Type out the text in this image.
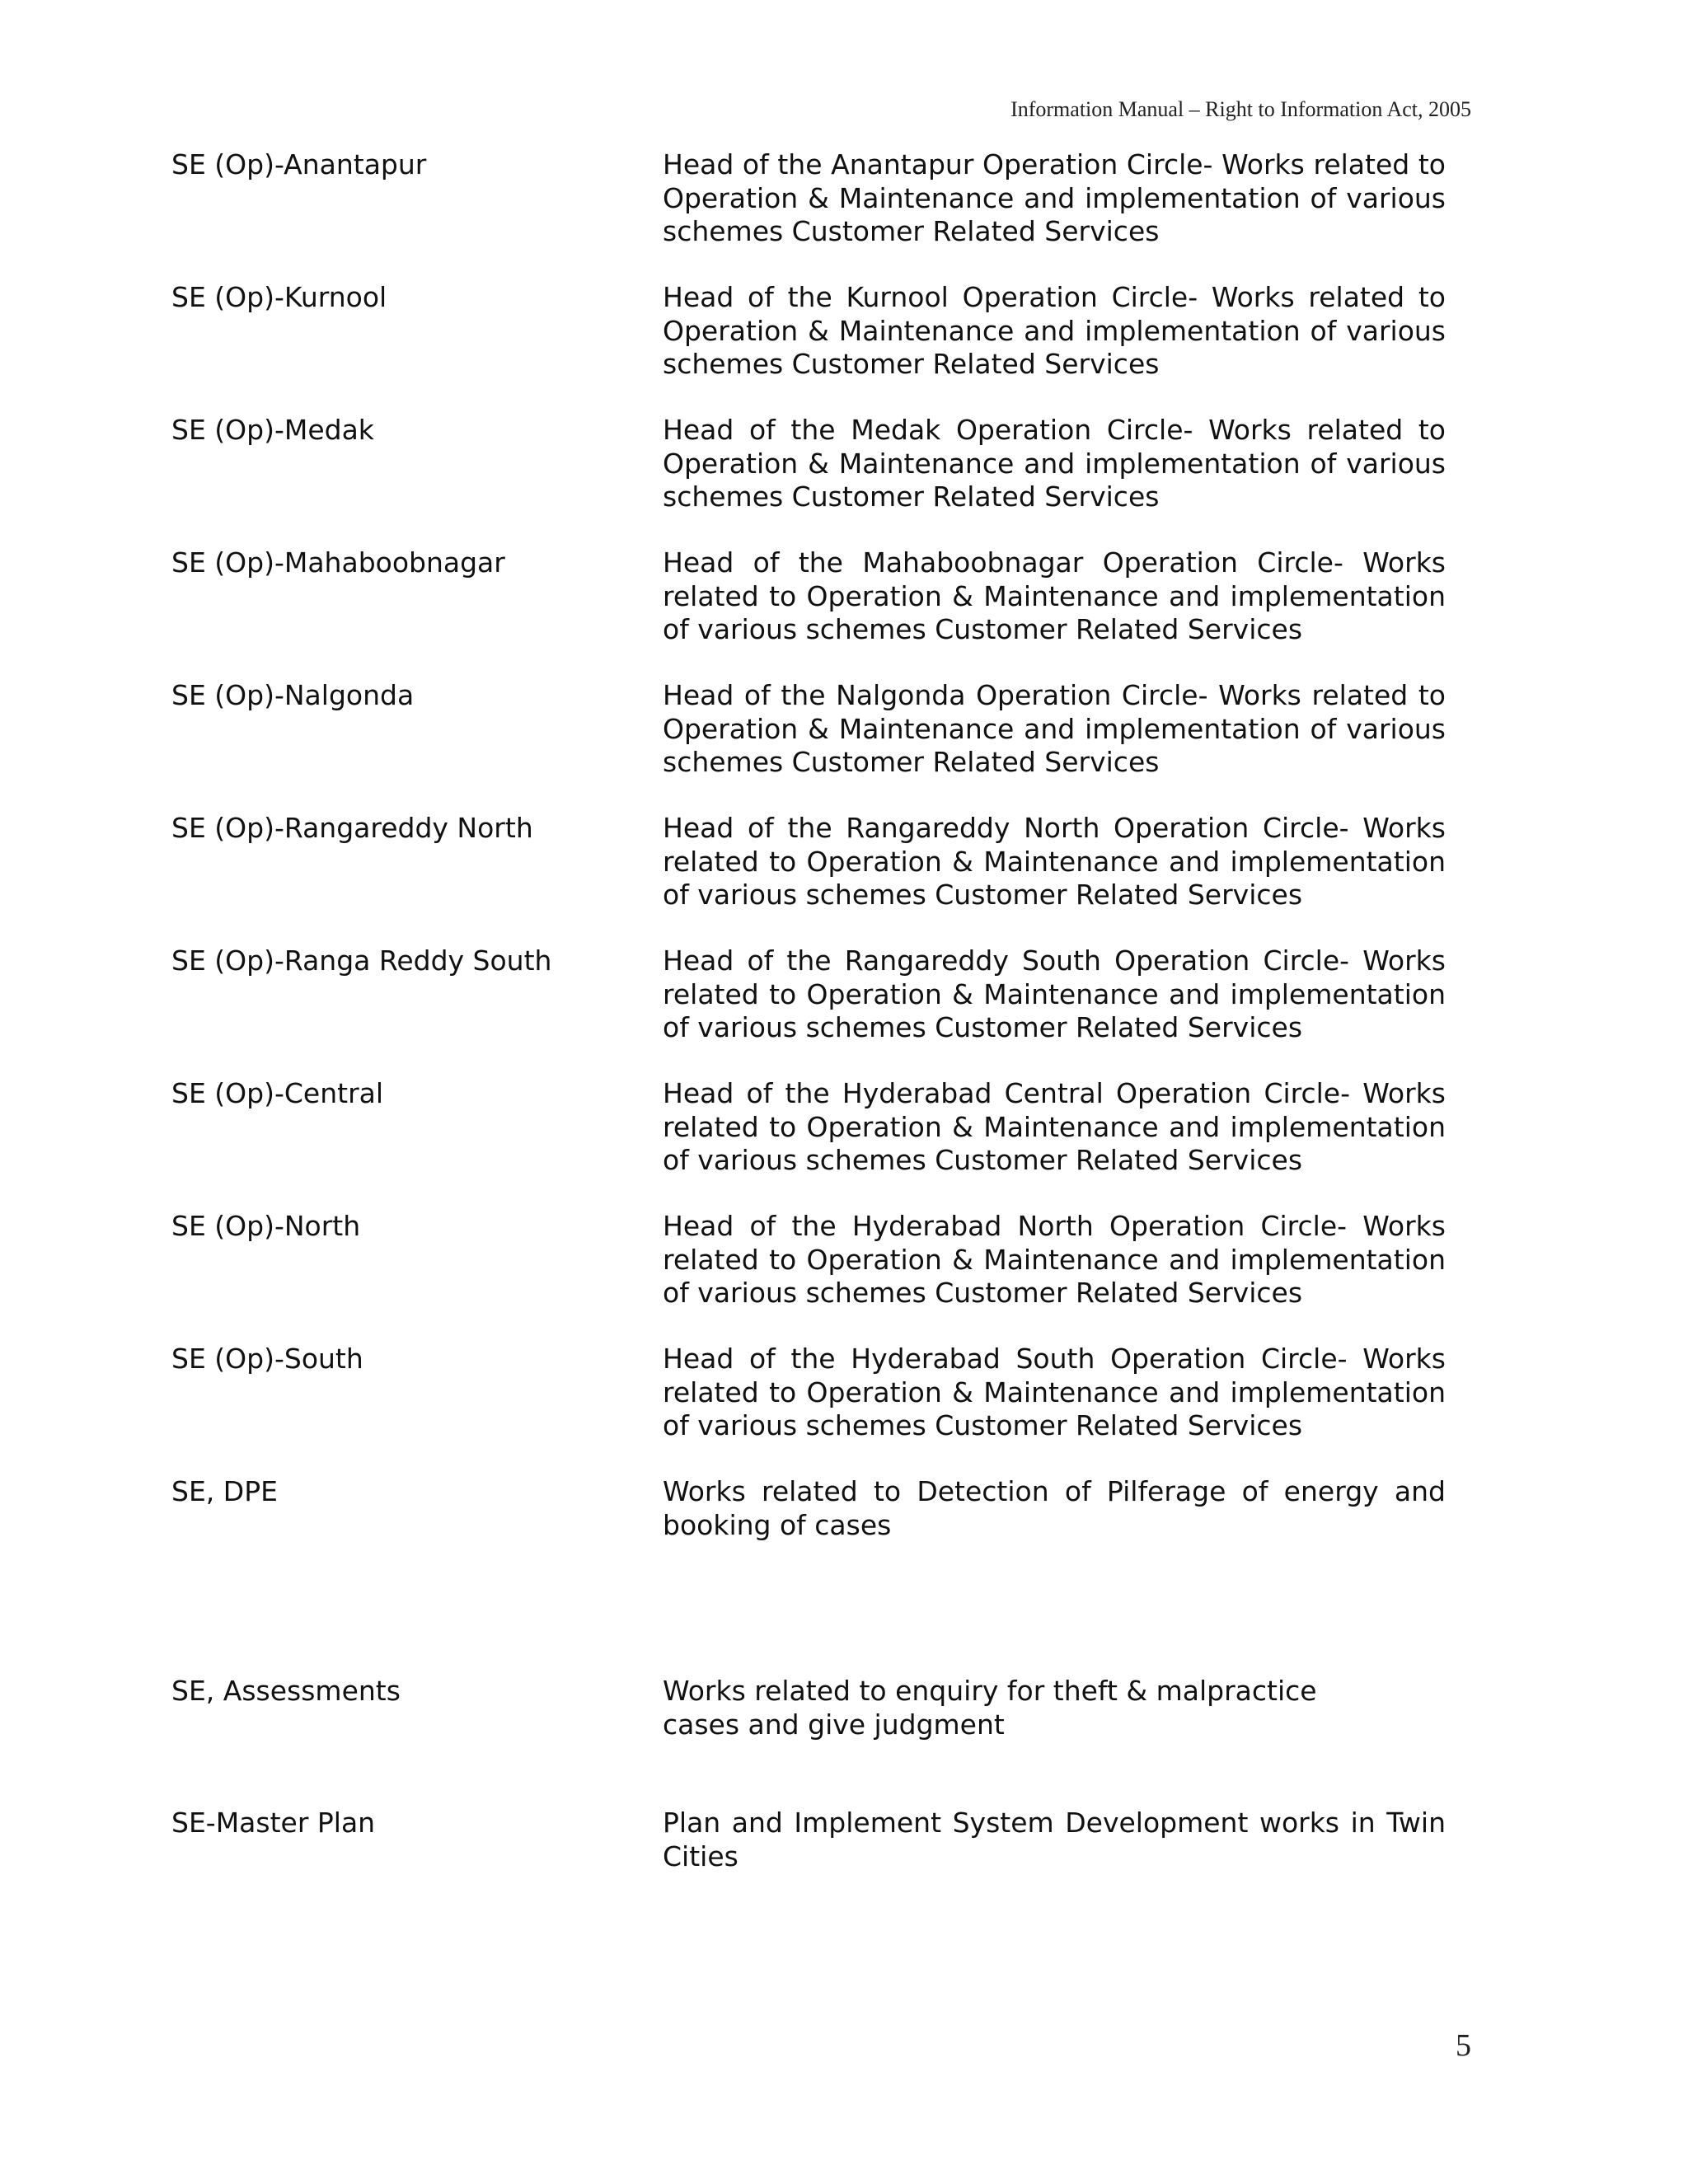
Information Manual – Right to Information Act, 2005
SE (Op)-Anantapur	Head of the Anantapur Operation Circle- Works related to Operation & Maintenance and implementation of various schemes Customer Related Services
SE (Op)-Kurnool	Head of the Kurnool Operation Circle- Works related to Operation & Maintenance and implementation of various schemes Customer Related Services
SE (Op)-Medak	Head of the Medak Operation Circle- Works related to Operation & Maintenance and implementation of various schemes Customer Related Services
SE (Op)-Mahaboobnagar	Head of the Mahaboobnagar Operation Circle- Works related to Operation & Maintenance and implementation of various schemes Customer Related Services
SE (Op)-Nalgonda	Head of the Nalgonda Operation Circle- Works related to Operation & Maintenance and implementation of various schemes Customer Related Services
SE (Op)-Rangareddy North	Head of the Rangareddy North Operation Circle- Works related to Operation & Maintenance and implementation of various schemes Customer Related Services
SE (Op)-Ranga Reddy South	Head of the Rangareddy South Operation Circle- Works related to Operation & Maintenance and implementation of various schemes Customer Related Services
SE (Op)-Central	Head of the Hyderabad Central Operation Circle- Works related to Operation & Maintenance and implementation of various schemes Customer Related Services
SE (Op)-North	Head of the Hyderabad North Operation Circle- Works related to Operation & Maintenance and implementation of various schemes Customer Related Services
SE (Op)-South	Head of the Hyderabad South Operation Circle- Works related to Operation & Maintenance and implementation of various schemes Customer Related Services
SE, DPE	Works related to Detection of Pilferage of energy and booking of cases
SE, Assessments	Works related to enquiry for theft & malpractice cases and give judgment
SE-Master Plan	Plan and Implement System Development works in Twin Cities
5
